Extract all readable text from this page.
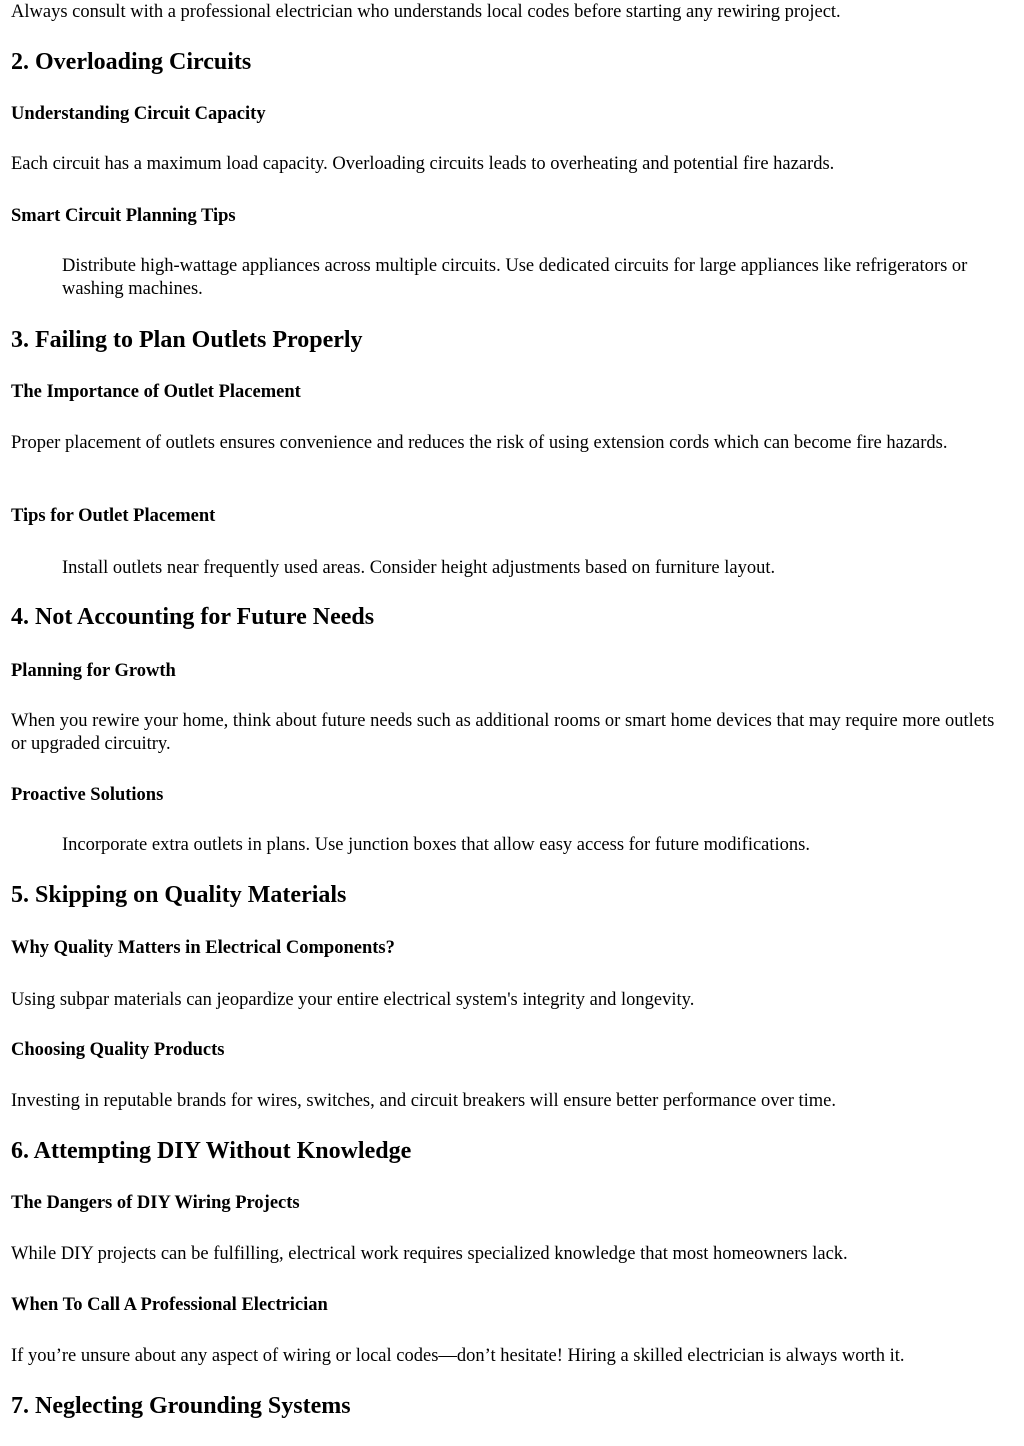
Always consult with a professional electrician who understands local codes before starting any rewiring project.

2. Overloading Circuits
Understanding Circuit Capacity

Each circuit has a maximum load capacity. Overloading circuits leads to overheating and potential fire hazards.

Smart Circuit Planning Tips
Distribute high-wattage appliances across multiple circuits. Use dedicated circuits for large appliances like refrigerators or washing machines.
3. Failing to Plan Outlets Properly
The Importance of Outlet Placement

Proper placement of outlets ensures convenience and reduces the risk of using extension cords which can become fire hazards.

Tips for Outlet Placement
Install outlets near frequently used areas. Consider height adjustments based on furniture layout.
4. Not Accounting for Future Needs
Planning for Growth

When you rewire your home, think about future needs such as additional rooms or smart home devices that may require more outlets or upgraded circuitry.

Proactive Solutions
Incorporate extra outlets in plans. Use junction boxes that allow easy access for future modifications.
5. Skipping on Quality Materials
Why Quality Matters in Electrical Components?

Using subpar materials can jeopardize your entire electrical system's integrity and longevity.

Choosing Quality Products

Investing in reputable brands for wires, switches, and circuit breakers will ensure better performance over time.

6. Attempting DIY Without Knowledge
The Dangers of DIY Wiring Projects

While DIY projects can be fulfilling, electrical work requires specialized knowledge that most homeowners lack.

When To Call A Professional Electrician

If you’re unsure about any aspect of wiring or local codes—don’t hesitate! Hiring a skilled electrician is always worth it.

7. Neglecting Grounding Systems
